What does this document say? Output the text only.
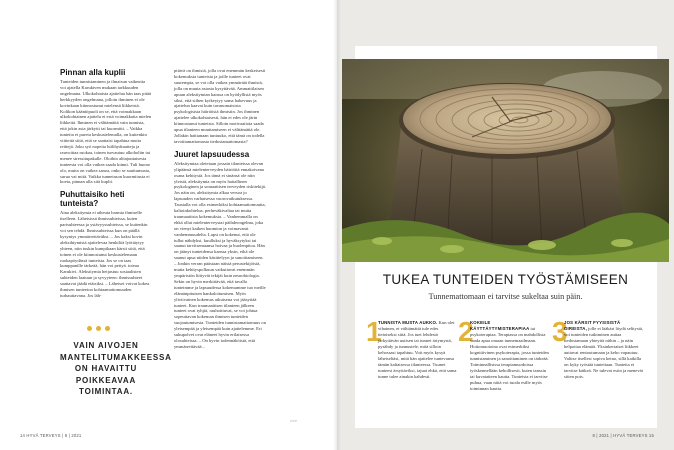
Pinnan alla kuplii

Tunteiden tunnistaminen ja ilmaisun vaikeutta voi ajatella Karukiven mukaan tarkkuuden ongelmana. Ulkokohtaista ajattelua hän taas pitää herkkyyden ongelmana, jolloin ihminen ei ole kovinkaan kiinnostunut mielensä liikkeistä. Kolikon kääntöpuoli on se, että voimakkaan ulkokohtainen ajattelu ei estä voimakkaita mielen liikkeitä. Ihminen ei välttämättä vain tunnista, että jokin asia järkytti tai kuormitti. – Vaikka tunteita ei pureta keskustelemalla, on kuitenkin viitteitä siitä, että se saattaisi tapahtua muita reittejä. Joku syö nopeita hiilihydraatteja ja rauvoittaa ruokaa, toinen turvautuu alkoholiin tai menee stressitupakalle. Oloihin alitajuntaisesta tunteesta voi olla vaikea saada kiinni. Tuli huono olo, muttа on vaikea sanoa, onko se suuttumusta, surua vai mitä. Vaikka tunnetason kuormitusta ei koeta, pinnan alla sitä kuplii.

Puhuttaisiko heti tunteista?

Aina aleksitymia ei aiheuta harmia ihmiselle itselleen. Läheisissä ihmissuhteissa, kuten parisuhteessa ja ystävyyssuhteissa, se kuitenkin voi sen tehdä. Ihmissuhteissa kun on päällä kysyntys ymmärrettäväksi. – Jos kaksi kovin aleksihtymistä ajattelevaa henkilöä lyöttäytyy yhteen, niin tuskin kumpikaan kärsii siitä, että toinen ei ole kiinnostunut keskustelemaan ruokapöydässä tunteista. Jos se on taas kumppanille tärkeää, hän voi pettyä. toteaa Karukivi. Aleksitymia heijastuu sosiaalisten suhteiden laatuun ja syvyyteen: ihmissuhteet saattavat jäädä etäisiksi. – Läheiset voivat kokea ihmisen tunteeton kohtaamattomuuden turhauttavana. Jos läh-

pitävä on ihmisiä, jolla ovat enemmän keskeisesti kokemuksia tunteista ja joille tunteet ovat suurempia, se voi olla vaikea ymmärtää ihmistä, jolla on muuta asiasta kysyttävää. Ammattilaisen apuun aleksitymian kanssa on hyödyllistä myös siksi, että siihen kytkeytyy sama hakevuus ja ajattelun kaavat kuin tavanomaisista psykologisista häiriöistä ihmisiin. Jos ihminen ajattelee ulkokohtaisesti, hän ei edes ole järin kiinnostunut tunteista. Silloin motivaatiota saada apua tilanteen muuttamiseen ei välttämättä ole. Jollakin haittanaan tuntuuko, että tämä on todella tavoittamattomasta tiedostamattomasta?

Juuret lapsuudessa

Aleksitymiaa oletetaan jossain tilanteissa olevan ylipäänsä mielenterveyden häiriöitä ennakoivana osana kehitystä. Jos tämä ei sinänsä ole niin yleistä, aleksitymia on myös haitallinen psykologinen ja somaattisen terveyden riskitekijä. Jos näin on, aleksitymia alkaa versoa jo lapsuuden varhaisessa vuorovaikutuksessa. Taustalla voi olla esimerkiksi kohtaamattomuutta, kaltoinkohtelua, perheväkivaltaa tai muita traumaattisia kokemuksia. – Vanhemmalla on ehkä ollut mielenterveystai päihdeongelma, joka on vienyt kaiken huomion ja voimavarat vanhemmuudelta. Lapsi on kokenut, että ole tullut nähdyksi, kuulluksi ja hyväksytyksi tai saanut tarvitsemaansa hoivaa ja huolenpitoa. Hän on jäänyt tunteidensa kanssa yksin, eikä ole saanut apua niiden käsittelyyn ja sanoittamiseen. – Jonkin verran päästaan näistä perustekijöistä, mutta kehityspolkuun vaikuttavat enemmän ympäristön liittyvät tekijät kuin neurobiologia. Sekin on hyvin merkittävää, että tavalla tunteimme ja lapsuudessa kokemamme tuo meille elämänpituisen hankaloitumisen. Myös yliviivainen kokemus aikuisena voi jääsyttää tunteet. Kun traumaattisen tilanteen jälkeen tunteet ovat tyhjiä, rauhoittuvat, se voi johtua sopeuttavan kokeman ihmisen tunteiden suojautumisesta. Tunteiden tunnistamattomuus on yleisempää ja yleisempää kuin ajattelemme. Eri sukupolvet ovat eläneet hyvin erilaisessa olosuhteissa. – On hyvin todennäköistä, että ymmärrettävää...

VAIN AIVOJEN
MANTELITUMAKKEESSA
ON HAVAITTU
POIKKEAVAA
TOIMINTAA.
>>>
14 HYVÄ TERVEYS | 8 | 2021	8 | 2021 | HYVÄ TERVEYS 15
TUKEA TUNTEIDEN TYÖSTÄMISEEN
Tunnemattomaan ei tarvitse sukeltaa suin päin.
1
TUNNISTA MUSTA AUKKO. Kun olet vihainen, et välttämättä tule edes tietoiseksi siitä. Jos tuet lehdestä järkyttävän uutisen tai tunnet ärtymystä, pysähdy ja tunnustele, mitä silloin kehossasi tapahtuu. Voit myös kysyä läheiseltäsi, mitä hän ajattelee tuntevansa tämän kaltaisessa tilanteessa. Tuunet tunteesi ärsyttäviksi, tajuat ehkä, että sama tunne tulee ainakin kahdesti.
2
KOKEILE KÄYTTÄYTYMISTERAPIAA tai psykoterapiaa. Terapiassa on mahdollista saada apua omaan tunnemaailmaan. Hoitomuotoina ovat esimerkiksi kognitiivinen psykoterapia, jossa tunteiden tunnistaminen ja sanoittaminen on tärkeää. Toiminnallisissa terapiamuodoissa työskennellään kehollisesti, kuten tanssin tai kuvataiteen kautta. Tunteista ei tarvitse puhua, vaan niitä voi tuoda esille myös toiminnan kautta.
3
JOS KÄRSIT FYYSISISTÄ OIREISTA, jolle ei lääkäri löydä selitystä, voi tunteiden tutkiminen auttaa tiedostamaan yhteyttä niihin – ja näin helpottaa elämää. Yksinkertaiset liikkeet auttavat rentoutumaan ja keho vapautuu. Valitse itsellesi sopiva keino, sillä kaikilla on kyky työstää tunteitaan. Tunteita ei tarvitse kätkeä. Ne tulevat esiin ja menevät sitten pois.
